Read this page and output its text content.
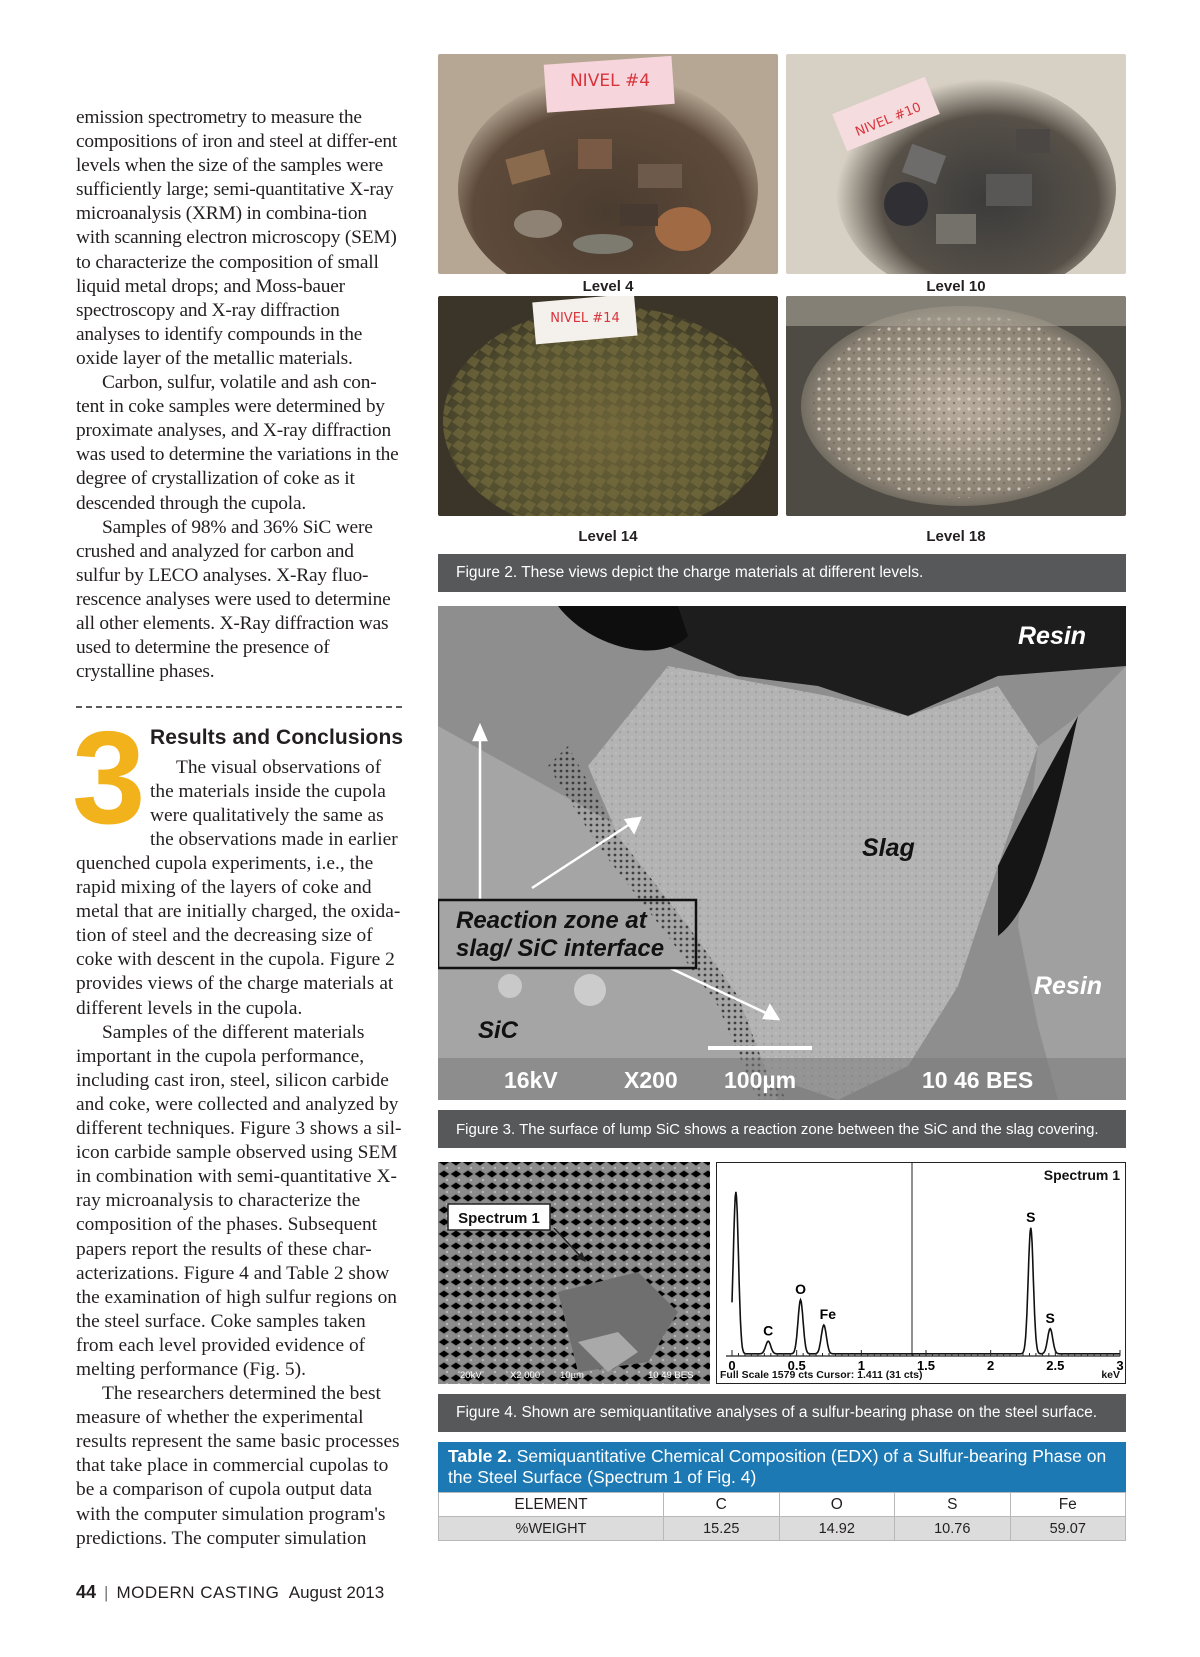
emission spectrometry to measure the compositions of iron and steel at differ-ent levels when the size of the samples were sufficiently large; semi-quantitative X-ray microanalysis (XRM) in combina-tion with scanning electron microscopy (SEM) to characterize the composition of small liquid metal drops; and Moss-bauer spectroscopy and X-ray diffraction analyses to identify compounds in the oxide layer of the metallic materials.

Carbon, sulfur, volatile and ash con-tent in coke samples were determined by proximate analyses, and X-ray diffraction was used to determine the variations in the degree of crystallization of coke as it descended through the cupola.

Samples of 98% and 36% SiC were crushed and analyzed for carbon and sulfur by LECO analyses. X-Ray fluo-rescence analyses were used to determine all other elements. X-Ray diffraction was used to determine the presence of crystalline phases.

3 Results and Conclusions

The visual observations of the materials inside the cupola were qualitatively the same as the observations made in earlier

quenched cupola experiments, i.e., the rapid mixing of the layers of coke and metal that are initially charged, the oxida-tion of steel and the decreasing size of coke with descent in the cupola. Figure 2 provides views of the charge materials at different levels in the cupola.

Samples of the different materials important in the cupola performance, including cast iron, steel, silicon carbide and coke, were collected and analyzed by different techniques. Figure 3 shows a sil-icon carbide sample observed using SEM in combination with semi-quantitative X-ray microanalysis to characterize the composition of the phases. Subsequent papers report the results of these char-acterizations. Figure 4 and Table 2 show the examination of high sulfur regions on the steel surface. Coke samples taken from each level provided evidence of melting performance (Fig. 5).

The researchers determined the best measure of whether the experimental results represent the same basic processes that take place in commercial cupolas to be a comparison of cupola output data with the computer simulation program's predictions. The computer simulation

44 | MODERN CASTING August 2013
NIVEL #4
Level 4
NIVEL #10
Level 10
NIVEL #14
Level 14	Level 18
Figure 2. These views depict the charge materials at different levels.
Resin
Slag
Reaction zone at
slag/ SiC interface
Resin
SiC
16kV	X200 100µm	10 46 BES
Figure 3. The surface of lump SiC shows a reaction zone between the SiC and the slag covering.
Spectrum 1
20kV	X2,000 10µm	10 49 BES
Spectrum 1
0	0.5	1	1.5	2	2.5	3
C
O
Fe
S
S
Full Scale 1579 cts Cursor: 1.411 (31 cts)	keV
Figure 4. Shown are semiquantitative analyses of a sulfur-bearing phase on the steel surface.
Table 2. Semiquantitative Chemical Composition (EDX) of a Sulfur-bearing Phase on the Steel Surface (Spectrum 1 of Fig. 4)
ELEMENT	C	O	S	Fe
%WEIGHT	15.25	14.92	10.76	59.07
